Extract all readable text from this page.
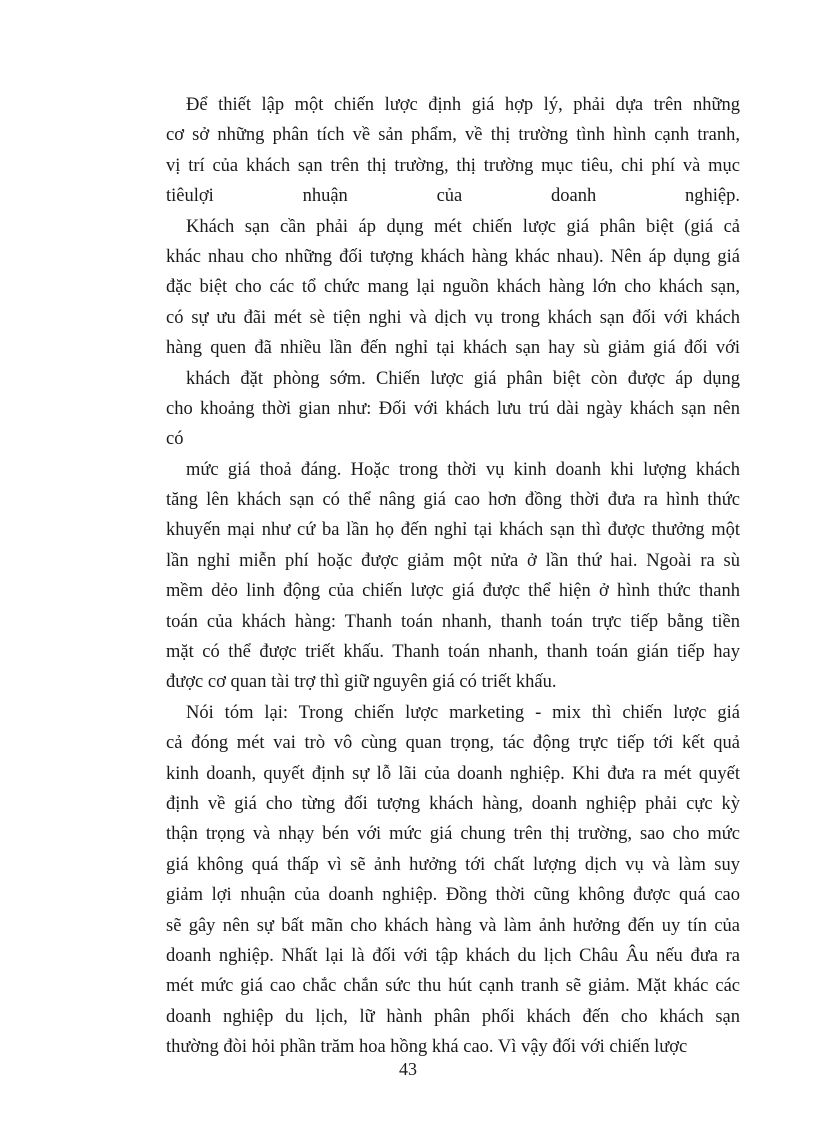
Để thiết lập một chiến lược định giá hợp lý, phải dựa trên những
cơ sở những phân tích về sản phẩm, về thị trường tình hình cạnh tranh,
vị trí của khách sạn trên thị trường, thị trường mục tiêu, chi phí và mục
tiêulợi nhuận của doanh nghiệp.
Khách sạn cần phải áp dụng mét chiến lược giá phân biệt (giá cả
khác nhau cho những đối tượng khách hàng khác nhau). Nên áp dụng giá
đặc biệt cho các tổ chức mang lại nguồn khách hàng lớn cho khách sạn,
có sự ưu đãi mét sè tiện nghi và dịch vụ trong khách sạn đối với khách
hàng quen đã nhiều lần đến nghỉ tại khách sạn hay sù giảm giá đối với
khách đặt phòng sớm. Chiến lược giá phân biệt còn được áp dụng
cho khoảng thời gian như: Đối với khách lưu trú dài ngày khách sạn nên
có
mức giá thoả đáng. Hoặc trong thời vụ kinh doanh khi lượng khách
tăng lên khách sạn có thể nâng giá cao hơn đồng thời đưa ra hình thức
khuyến mại như cứ ba lần họ đến nghỉ tại khách sạn thì được thưởng một
lần nghỉ miễn phí hoặc được giảm một nửa ở lần thứ hai. Ngoài ra sù
mềm dẻo linh động của chiến lược giá được thể hiện ở hình thức thanh
toán của khách hàng: Thanh toán nhanh, thanh toán trực tiếp bằng tiền
mặt có thể được triết khấu. Thanh toán nhanh, thanh toán gián tiếp hay
được cơ quan tài trợ thì giữ nguyên giá có triết khấu.
Nói tóm lại: Trong chiến lược marketing - mix thì chiến lược giá
cả đóng mét vai trò vô cùng quan trọng, tác động trực tiếp tới kết quả
kinh doanh, quyết định sự lỗ lãi của doanh nghiệp. Khi đưa ra mét quyết
định về giá cho từng đối tượng khách hàng, doanh nghiệp phải cực kỳ
thận trọng và nhạy bén với mức giá chung trên thị trường, sao cho mức
giá không quá thấp vì sẽ ảnh hưởng tới chất lượng dịch vụ và làm suy
giảm lợi nhuận của doanh nghiệp. Đồng thời cũng không được quá cao
sẽ gây nên sự bất mãn cho khách hàng và làm ảnh hưởng đến uy tín của
doanh nghiệp. Nhất lại là đối với tập khách du lịch Châu Âu nếu đưa ra
mét mức giá cao chắc chắn sức thu hút cạnh tranh sẽ giảm. Mặt khác các
doanh nghiệp du lịch, lữ hành phân phối khách đến cho khách sạn
thường đòi hỏi phần trăm hoa hồng khá cao. Vì vậy đối với chiến lược
43
